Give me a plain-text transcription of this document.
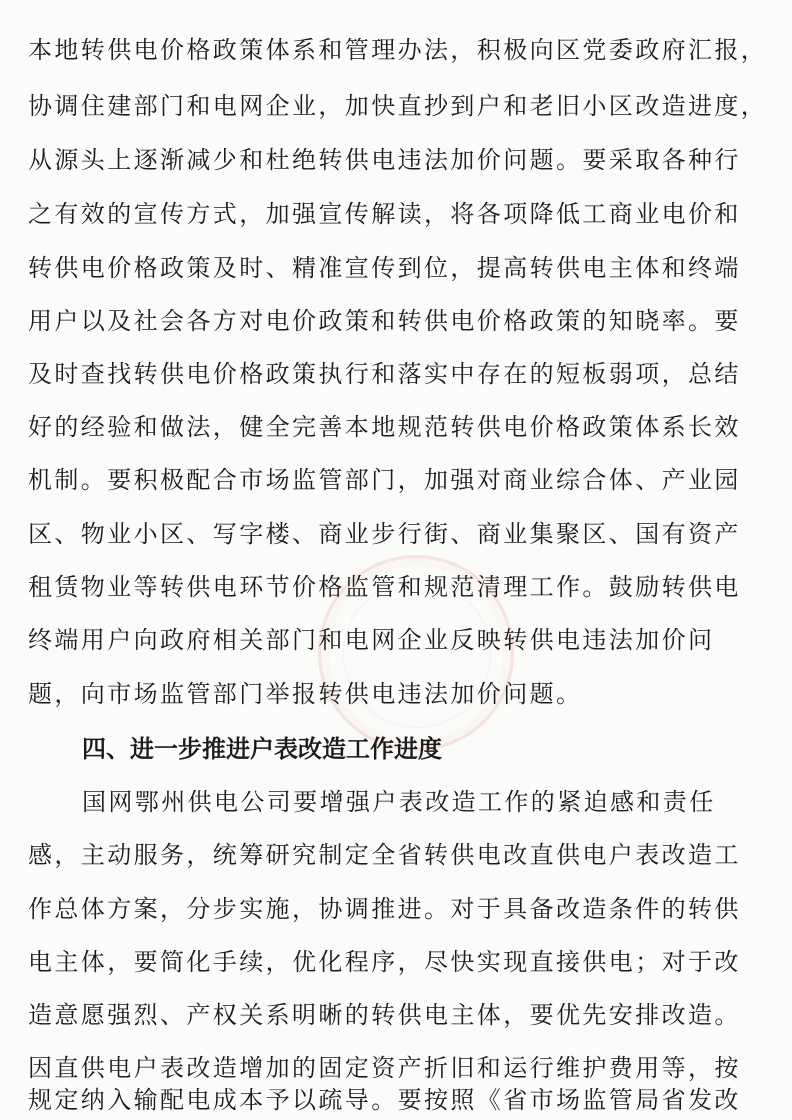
本地转供电价格政策体系和管理办法，积极向区党委政府汇报，
协调住建部门和电网企业，加快直抄到户和老旧小区改造进度，
从源头上逐渐减少和杜绝转供电违法加价问题。要采取各种行
之有效的宣传方式，加强宣传解读，将各项降低工商业电价和
转供电价格政策及时、精准宣传到位，提高转供电主体和终端
用户以及社会各方对电价政策和转供电价格政策的知晓率。要
及时查找转供电价格政策执行和落实中存在的短板弱项，总结
好的经验和做法，健全完善本地规范转供电价格政策体系长效
机制。要积极配合市场监管部门，加强对商业综合体、产业园
区、物业小区、写字楼、商业步行街、商业集聚区、国有资产
租赁物业等转供电环节价格监管和规范清理工作。鼓励转供电
终端用户向政府相关部门和电网企业反映转供电违法加价问
题，向市场监管部门举报转供电违法加价问题。
四、进一步推进户表改造工作进度
国网鄂州供电公司要增强户表改造工作的紧迫感和责任
感，主动服务，统筹研究制定全省转供电改直供电户表改造工
作总体方案，分步实施，协调推进。对于具备改造条件的转供
电主体，要简化手续，优化程序，尽快实现直接供电；对于改
造意愿强烈、产权关系明晰的转供电主体，要优先安排改造。
因直供电户表改造增加的固定资产折旧和运行维护费用等，按
规定纳入输配电成本予以疏导。要按照《省市场监管局省发改
